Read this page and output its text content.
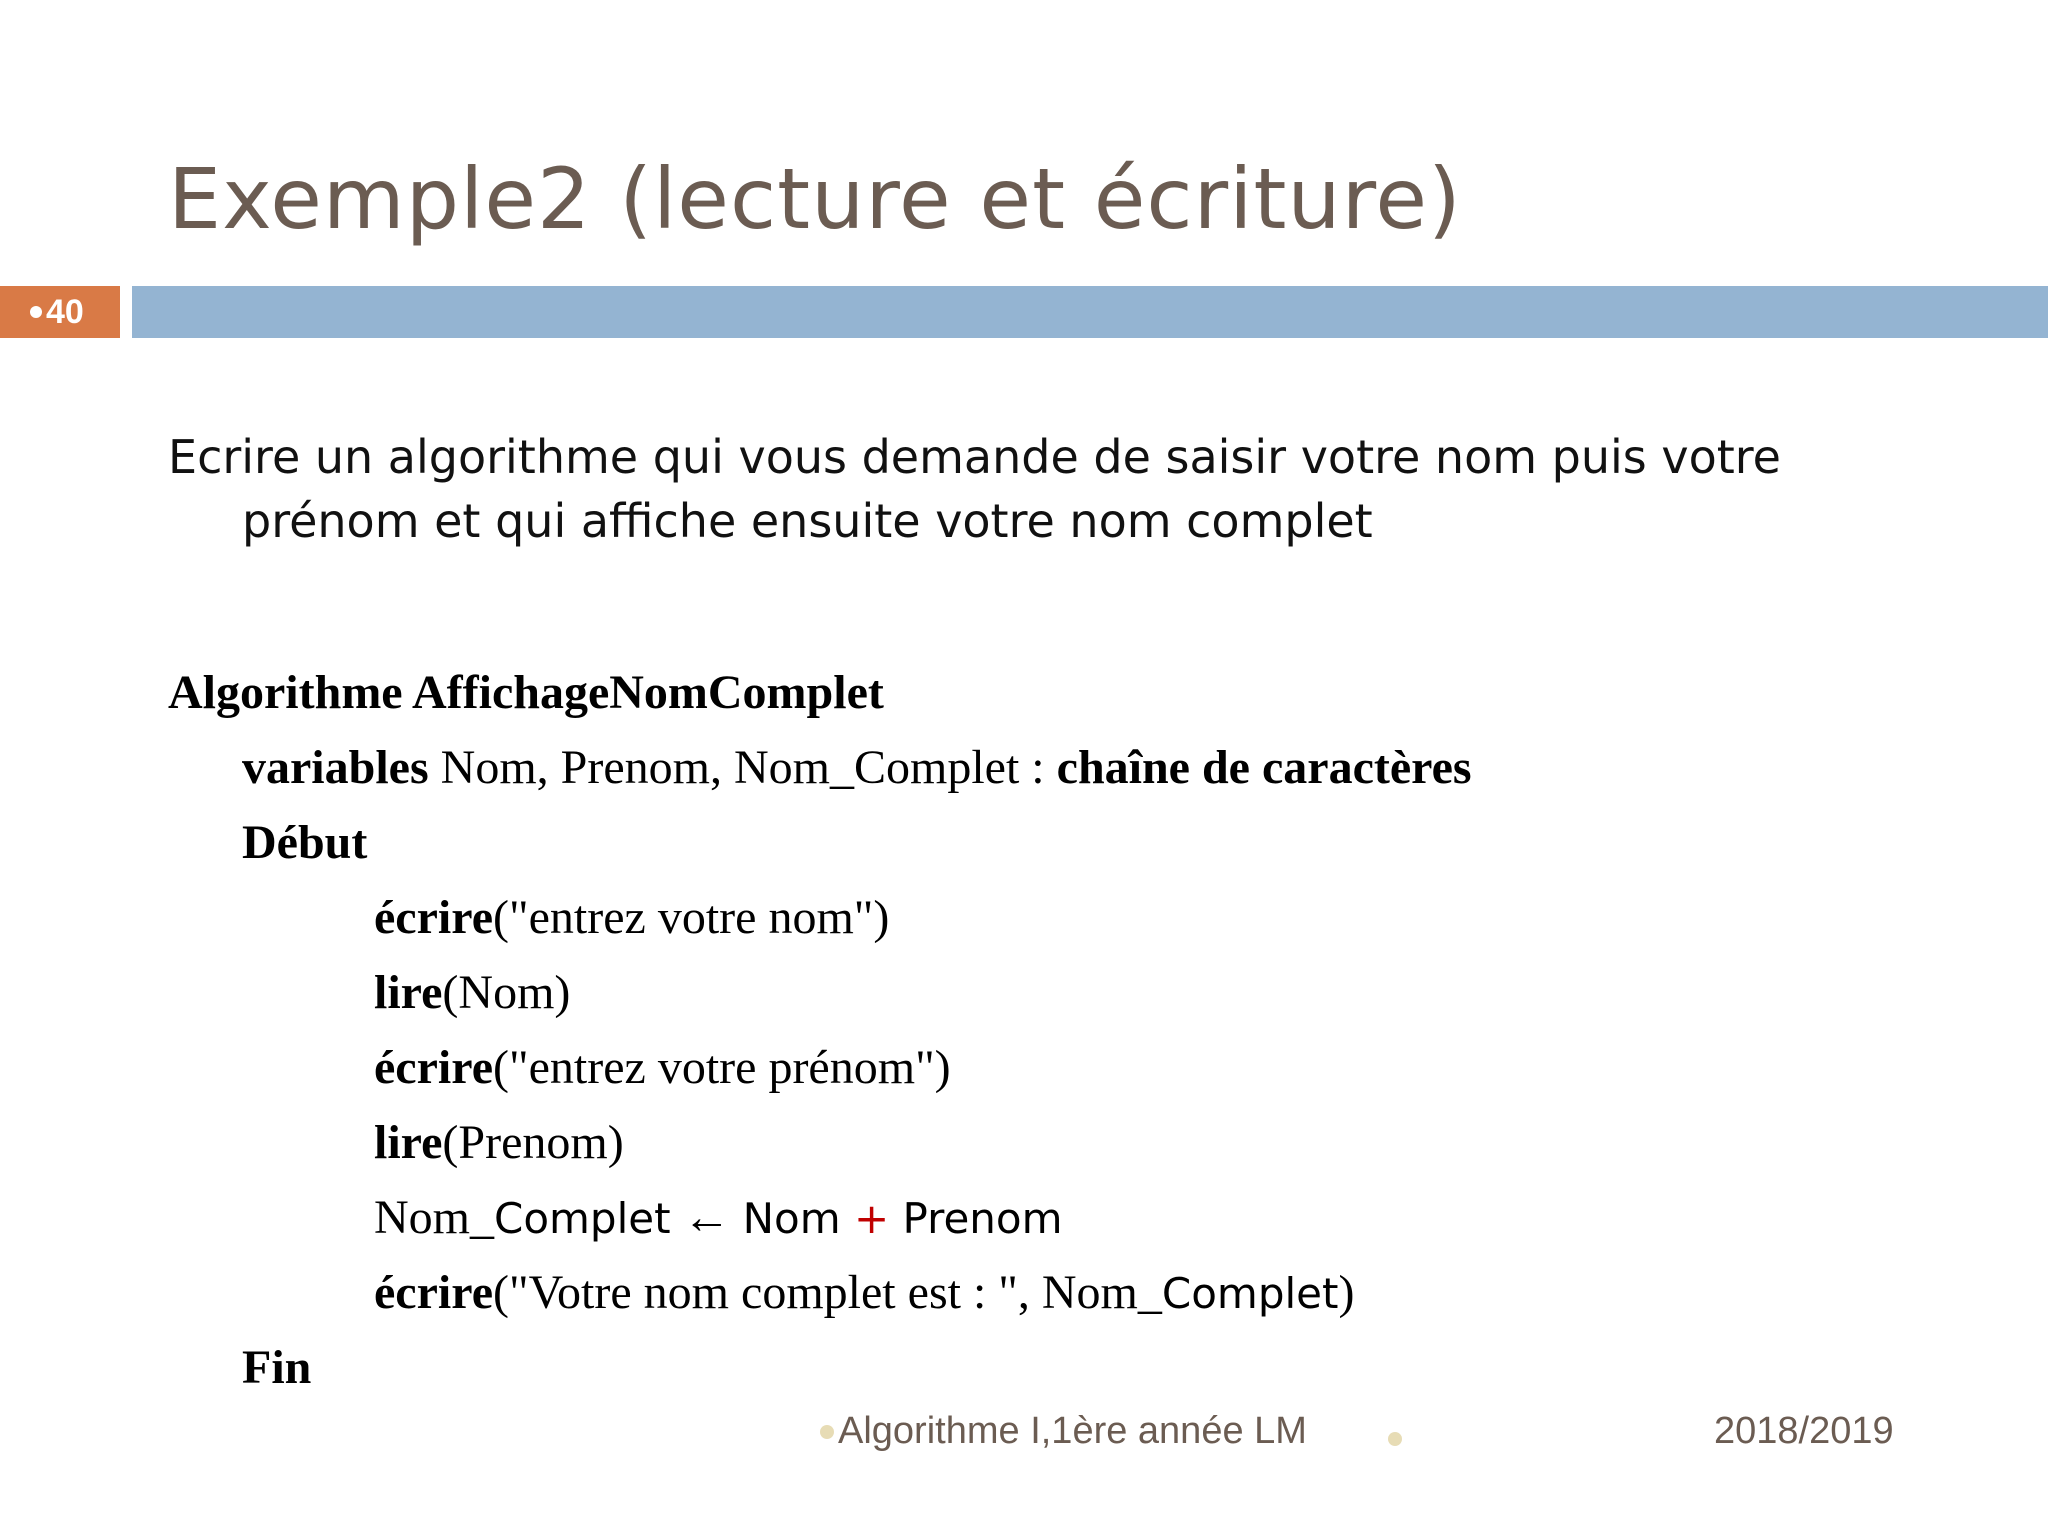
Exemple2 (lecture et écriture)
40

Ecrire un algorithme qui vous demande de saisir votre nom puis votre prénom et qui affiche ensuite votre nom complet

Algorithme AffichageNomComplet
variables Nom, Prenom, Nom_Complet : chaîne de caractères
Début
écrire("entrez votre nom")
lire(Nom)
écrire("entrez votre prénom")
lire(Prenom)
Nom_Complet ← Nom + Prenom
écrire("Votre nom complet est : ", Nom_Complet)
Fin
Algorithme I,1ère année LM	2018/2019
